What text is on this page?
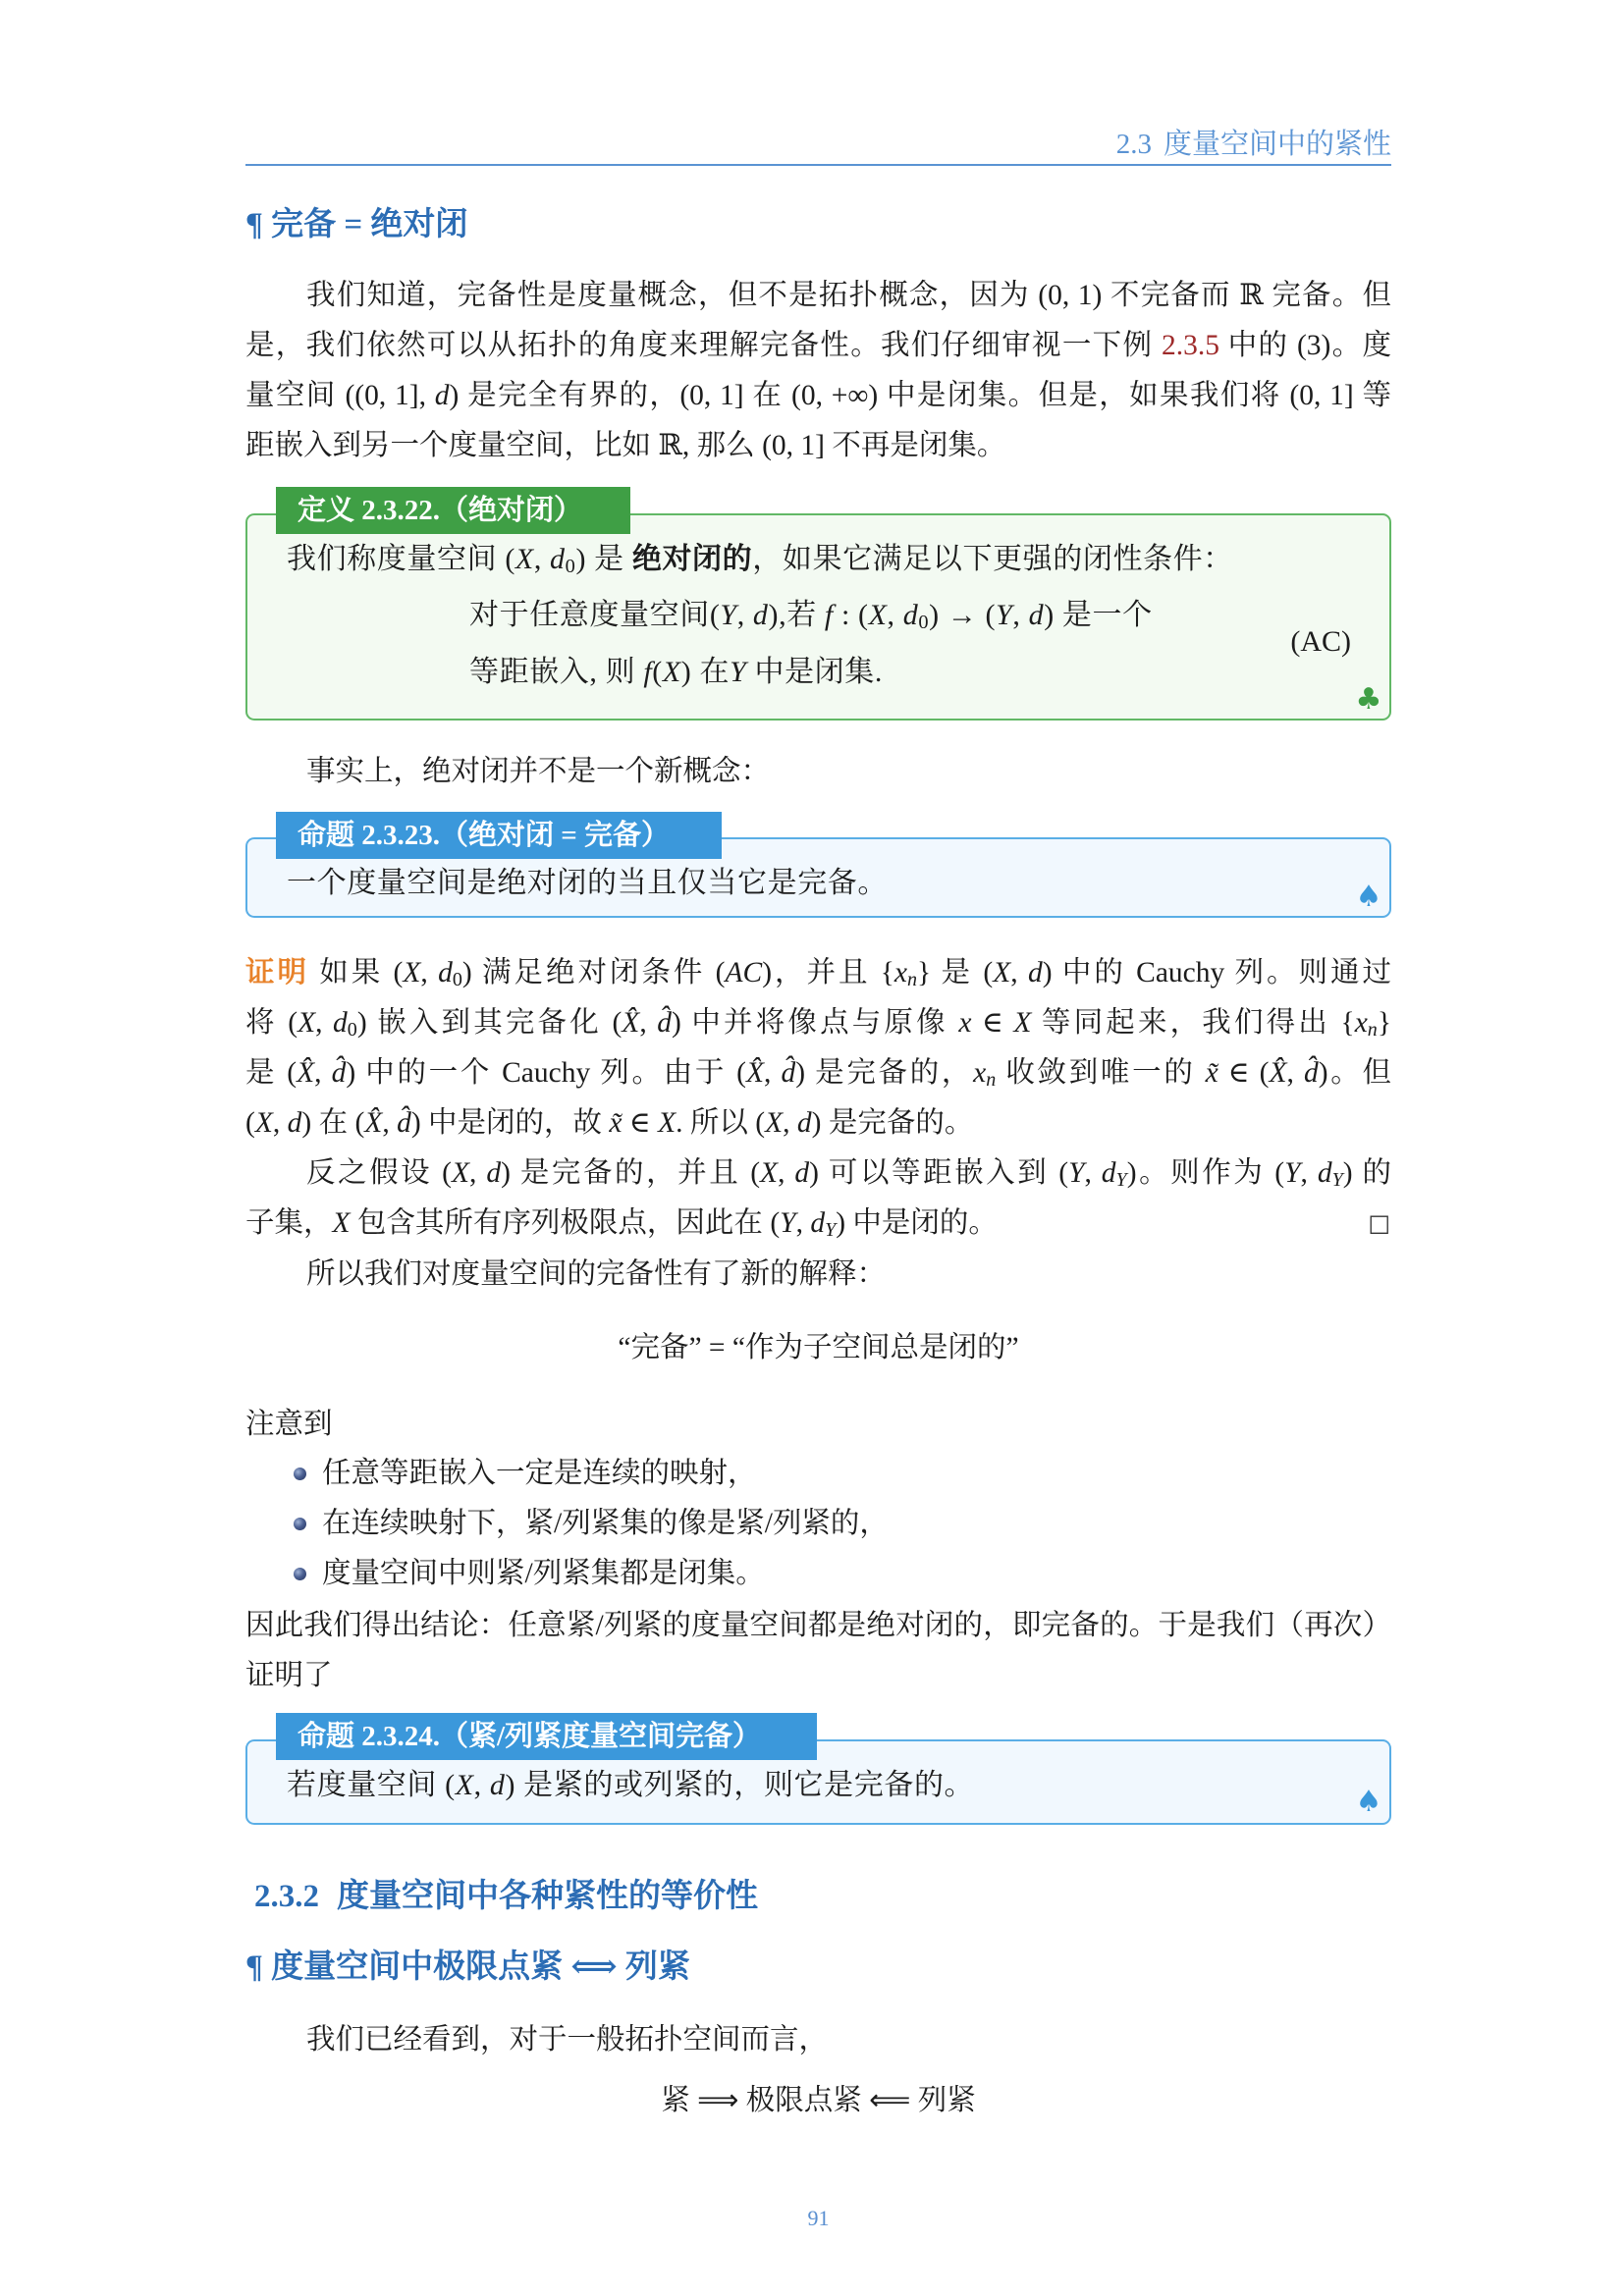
2.3 度量空间中的紧性
¶ 完备 = 绝对闭
我们知道，完备性是度量概念，但不是拓扑概念，因为 (0, 1) 不完备而 ℝ 完备。但
是，我们依然可以从拓扑的角度来理解完备性。我们仔细审视一下例 2.3.5 中的 (3)。度
量空间 ((0, 1], d) 是完全有界的，(0, 1] 在 (0, +∞) 中是闭集。但是，如果我们将 (0, 1] 等
距嵌入到另一个度量空间，比如 ℝ, 那么 (0, 1] 不再是闭集。
定义 2.3.22.（绝对闭）
我们称度量空间 (X, $d_0$) 是 绝对闭的，如果它满足以下更强的闭性条件：
对于任意度量空间(Y, d),若 f : (X, $d_0) \to (Y$, d) 是一个
等距嵌入, 则 f(X) 在Y 中是闭集.
(AC)
♣
事实上，绝对闭并不是一个新概念：
命题 2.3.23.（绝对闭 = 完备）
一个度量空间是绝对闭的当且仅当它是完备。	♠
证明 如果 (X, $d_0$) 满足绝对闭条件 (AC)，并且 $\{x_n\}$ 是 (X, d) 中的 Cauchy 列。则通过
将 (X, $d_0$) 嵌入到其完备化 (X̂, d̂) 中并将像点与原像 x ∈ X 等同起来，我们得出 $\{x_n\}$
是 (X̂, d̂) 中的一个 Cauchy 列。由于 (X̂, d̂) 是完备的，$x_n$ 收敛到唯一的 x̃ ∈ (X̂, d̂)。但
(X, d) 在 (X̂, d̂) 中是闭的，故 x̃ ∈ X. 所以 (X, d) 是完备的。
反之假设 (X, d) 是完备的，并且 (X, d) 可以等距嵌入到 (Y, $d_Y$)。则作为 (Y, $d_Y$) 的
子集，X 包含其所有序列极限点，因此在 (Y, $d_Y$) 中是闭的。	□
所以我们对度量空间的完备性有了新的解释：
“完备” = “作为子空间总是闭的”
注意到
任意等距嵌入一定是连续的映射，
在连续映射下，紧/列紧集的像是紧/列紧的，
度量空间中则紧/列紧集都是闭集。
因此我们得出结论：任意紧/列紧的度量空间都是绝对闭的，即完备的。于是我们（再次）
证明了
命题 2.3.24.（紧/列紧度量空间完备）
若度量空间 (X, d) 是紧的或列紧的，则它是完备的。	♠
2.3.2 度量空间中各种紧性的等价性
¶ 度量空间中极限点紧 ⟺ 列紧
我们已经看到，对于一般拓扑空间而言，
紧 ⟹ 极限点紧 ⟸ 列紧
91
